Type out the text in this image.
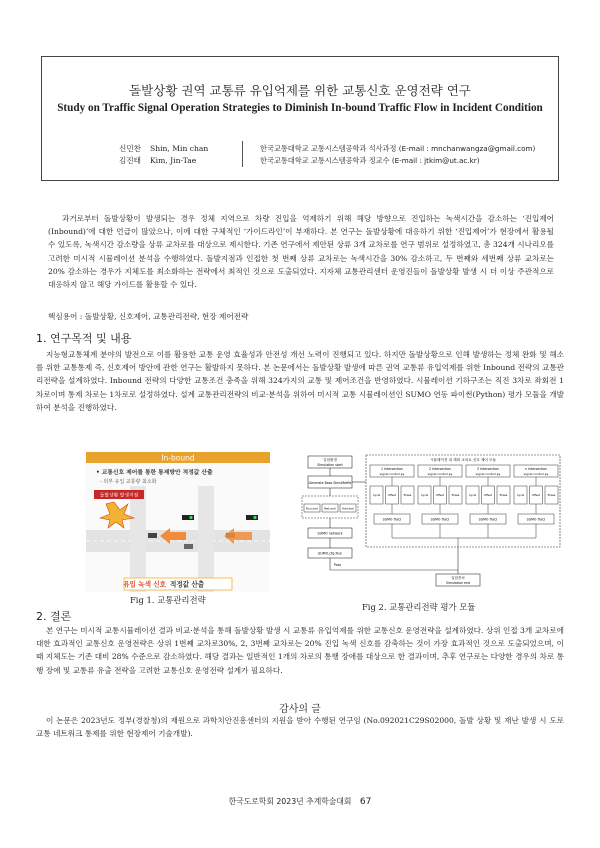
돌발상황 권역 교통류 유입억제를 위한 교통신호 운영전략 연구
Study on Traffic Signal Operation Strategies to Diminish In-bound Traffic Flow in Incident Condition
신민찬 Shin, Min chan	한국교통대학교 교통시스템공학과 석사과정 (E-mail : mnchanwangza@gmail.com)
김진태 Kim, Jin-Tae	한국교통대학교 교통시스템공학과 정교수 (E-mail : jtkim@ut.ac.kr)
과거로부터 돌발상황이 발생되는 경우 정체 지역으로 차량 진입을 억제하기 위해 해당 방향으로 진입하는 녹색시간을 감소하는 ‘진입제어(Inbound)’에 대한 언급이 많았으나, 이에 대한 구체적인 ‘가이드라인’이 부재하다. 본 연구는 돌발상황에 대응하기 위한 ‘진입제어’가 현장에서 활용될 수 있도록, 녹색시간 감소량을 상류 교차로를 대상으로 제시한다. 기존 연구에서 제안된 상류 3개 교차로를 연구 범위로 설정하였고, 총 324개 시나리오를 고려한 미시적 시뮬레이션 분석을 수행하였다. 돌발지점과 인접한 첫 번째 상류 교차로는 녹색시간을 30% 감소하고, 두 번째와 세번째 상류 교차로는 20% 감소하는 경우가 지체도를 최소화하는 전략에서 최적인 것으로 도출되었다. 지자체 교통관리센터 운영진들이 돌발상황 발생 시 더 이상 주관적으로 대응하지 않고 해당 가이드를 활용할 수 있다.
핵심용어 : 돌발상황, 신호제어, 교통관리전략, 현장 제어전략
1. 연구목적 및 내용
지능형교통체계 분야의 발전으로 이를 활용한 교통 운영 효율성과 안전성 개선 노력이 진행되고 있다. 하지만 돌발상황으로 인해 발생하는 정체 완화 및 해소를 위한 교통통제 즉, 신호제어 방안에 관한 연구는 활발하지 못하다. 본 논문에서는 돌발상황 발생에 따른 권역 교통류 유입억제를 위한 Inbound 전략의 교통관리전략을 설계하였다. Inbound 전략의 다양한 교통조건 충족을 위해 324가지의 교통 및 제어조건을 반영하였다. 시뮬레이션 기하구조는 직진 3차로 좌회전 1차로이며 통제 차로는 1차로로 설정하였다. 설계 교통관리전략의 비교·분석을 위하여 미시적 교통 시뮬레이션인 SUMO 연동 파이썬(Python) 평가 모듈을 개발하여 분석을 진행하였다.
In-bound
• 교통신호 제어를 통한 통제방안 적정값 산출
- 외부 유입 교통량 최소화
돌발상황 발생지점
유입 녹색 신호 적정값 산출
Fig 1. 교통관리전략
실험환경
Simulation start
Generate Base SimuMetfle
Rou.xml Net.xml Add.xml
SUMO network
SUMO.cfg Run
Pass
실험종료
Simulation end
시뮬레이션 내 계획 교차로 신호 제어 모듈
1 Intersection
signal control.py
Cycle	Offset	Phase
SUMO TraCI
2 Intersection
signal control.py
Cycle	Offset	Phase
SUMO TraCI
3 Intersection
signal control.py
Cycle	Offset	Phase
SUMO TraCI
n Intersection
signal control.py
Cycle	Offset	Phase
SUMO TraCI
Fig 2. 교통관리전략 평가 모듈
2. 결론
본 연구는 미시적 교통시뮬레이션 결과 비교·분석을 통해 돌발상황 발생 시 교통류 유입억제를 위한 교통신호 운영전략을 설계하였다. 상위 인접 3개 교차로에 대한 효과적인 교통신호 운영전략은 상위 1번째 교차로30%, 2, 3번째 교차로는 20% 진입 녹색 신호를 감축하는 것이 가장 효과적인 것으로 도출되었으며, 이 때 지체도는 기존 대비 28% 수준으로 감소하였다. 해당 결과는 일반적인 1개의 차로의 통행 장애를 대상으로 한 결과이며, 추후 연구로는 다양한 경우의 차로 통행 장애 및 교통류 유출 전략을 고려한 교통신호 운영전략 설계가 필요하다.
감사의 글
이 논문은 2023년도 정부(경찰청)의 재원으로 과학치안진흥센터의 지원을 받아 수행된 연구임 (No.092021C29S02000, 돌발 상황 및 재난 발생 시 도로교통 네트워크 통제를 위한 현장제어 기술개발).
한국도로학회 2023년 추계학술대회 67
